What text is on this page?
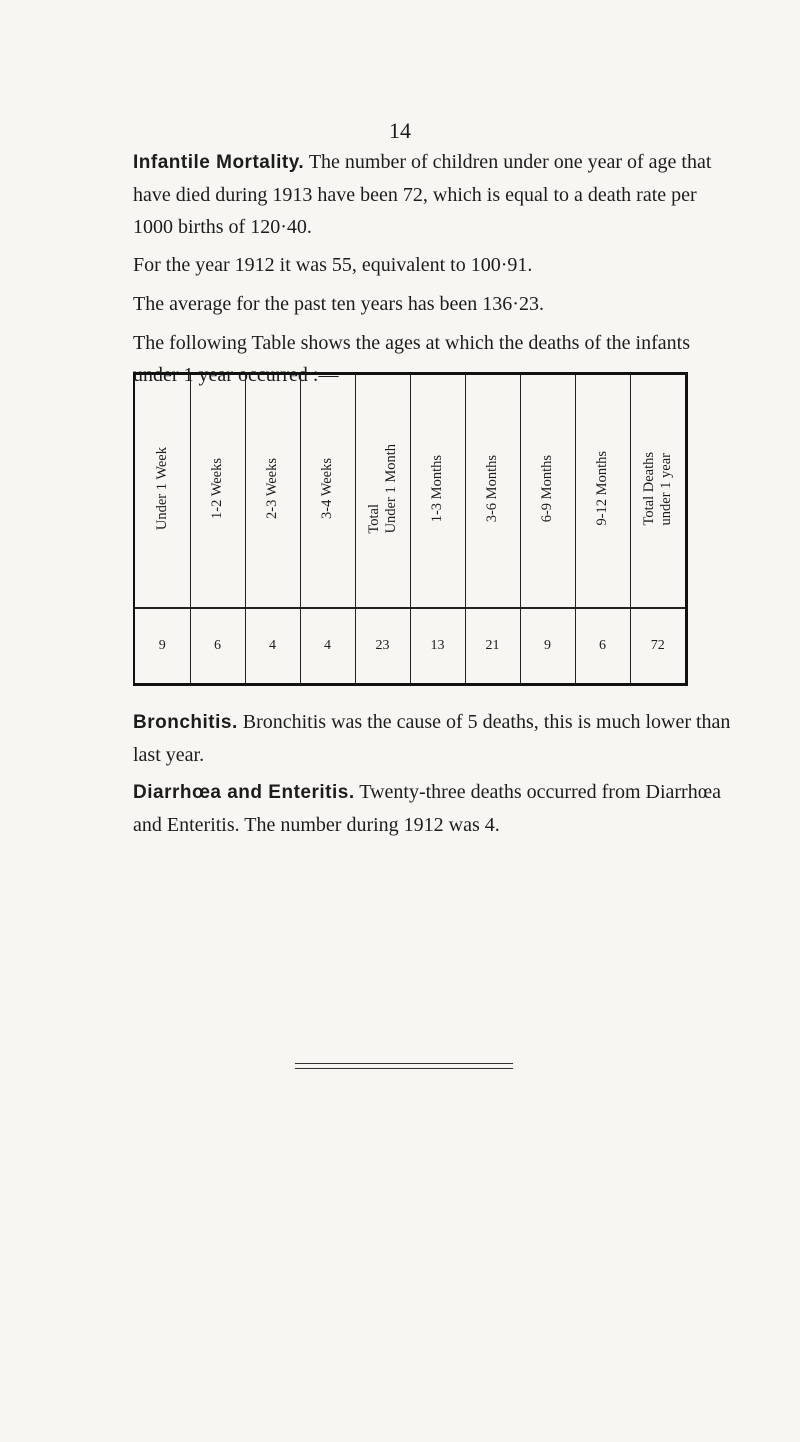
14

Infantile Mortality. The number of children under one year of age that have died during 1913 have been 72, which is equal to a death rate per 1000 births of 120·40.

For the year 1912 it was 55, equivalent to 100·91.

The average for the past ten years has been 136·23.

The following Table shows the ages at which the deaths of the infants under 1 year occurred :—

Under 1 Week	1-2 Weeks	2-3 Weeks	3-4 Weeks	TotalUnder 1 Month	1-3 Months	3-6 Months	6-9 Months	9-12 Months	Total Deathsunder 1 year
9	6	4	4	23	13	21	9	6	72

Bronchitis. Bronchitis was the cause of 5 deaths, this is much lower than last year.

Diarrhœa and Enteritis. Twenty-three deaths occurred from Diarrhœa and Enteritis. The number during 1912 was 4.
